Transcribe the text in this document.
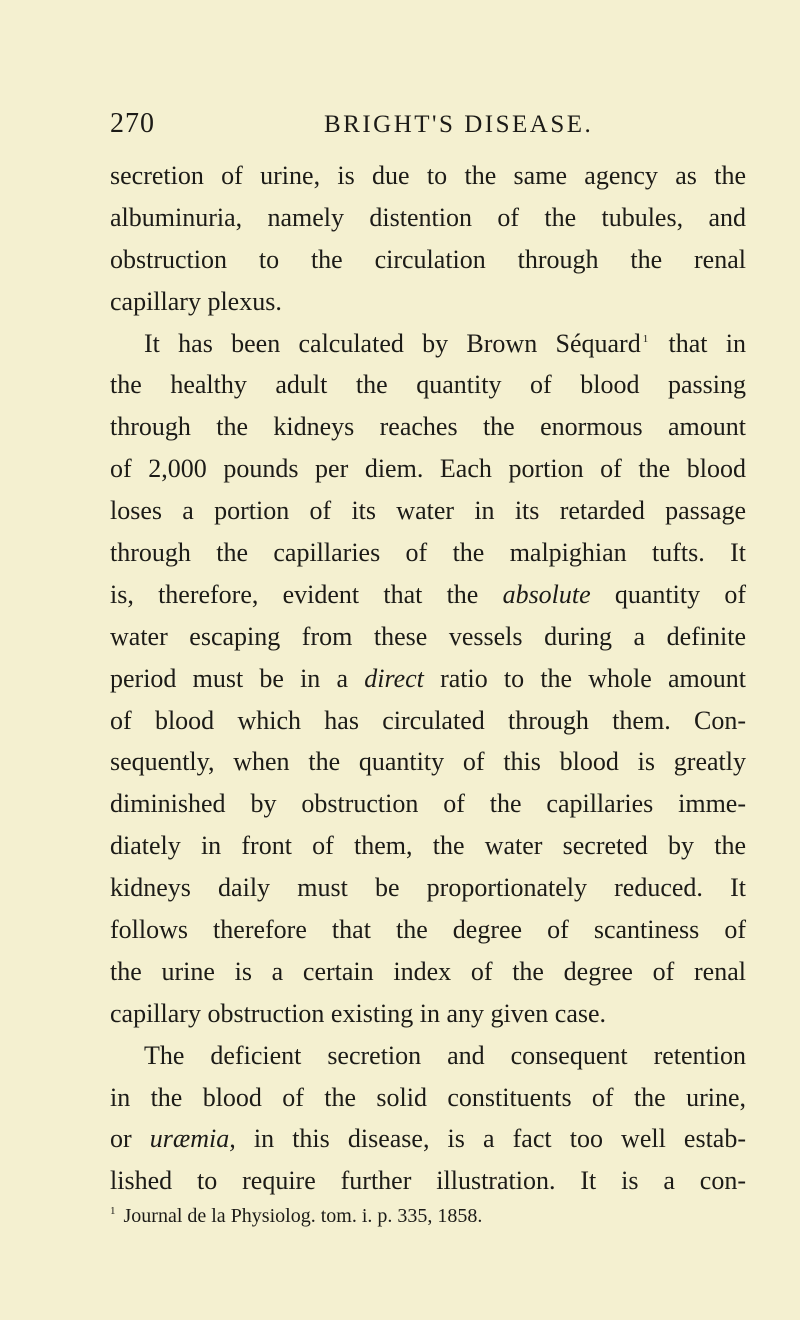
270	BRIGHT'S DISEASE.
secretion of urine, is due to the same agency as the
albuminuria, namely distention of the tubules, and
obstruction to the circulation through the renal
capillary plexus.
It has been calculated by Brown Séquard $^1$ that in
the healthy adult the quantity of blood passing
through the kidneys reaches the enormous amount
of 2,000 pounds per diem. Each portion of the blood
loses a portion of its water in its retarded passage
through the capillaries of the malpighian tufts. It
is, therefore, evident that the absolute quantity of
water escaping from these vessels during a definite
period must be in a direct ratio to the whole amount
of blood which has circulated through them. Con-
sequently, when the quantity of this blood is greatly
diminished by obstruction of the capillaries imme-
diately in front of them, the water secreted by the
kidneys daily must be proportionately reduced. It
follows therefore that the degree of scantiness of
the urine is a certain index of the degree of renal
capillary obstruction existing in any given case.
The deficient secretion and consequent retention
in the blood of the solid constituents of the urine,
or uræmia, in this disease, is a fact too well estab-
lished to require further illustration. It is a con-
$^1$ Journal de la Physiolog. tom. i. p. 335, 1858.
